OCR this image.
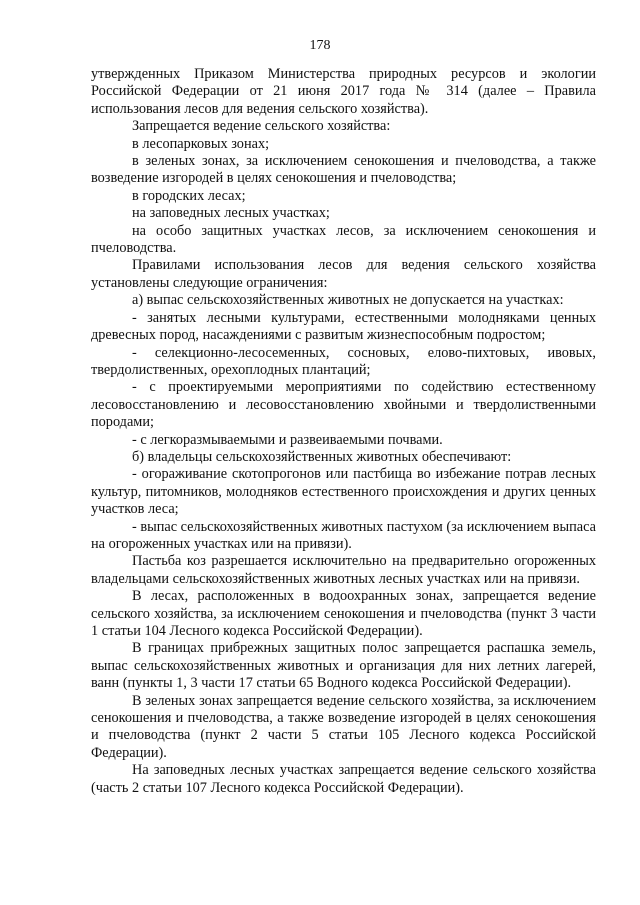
178

утвержденных Приказом Министерства природных ресурсов и экологии Российской Федерации от 21 июня 2017 года № 314 (далее – Правила использования лесов для ведения сельского хозяйства).

Запрещается ведение сельского хозяйства:

в лесопарковых зонах;

в зеленых зонах, за исключением сенокошения и пчеловодства, а также возведение изгородей в целях сенокошения и пчеловодства;

в городских лесах;

на заповедных лесных участках;

на особо защитных участках лесов, за исключением сенокошения и пчеловодства.

Правилами использования лесов для ведения сельского хозяйства установлены следующие ограничения:

а) выпас сельскохозяйственных животных не допускается на участках:

- занятых лесными культурами, естественными молодняками ценных древесных пород, насаждениями с развитым жизнеспособным подростом;

- селекционно-лесосеменных, сосновых, елово-пихтовых, ивовых, твердолиственных, орехоплодных плантаций;

- с проектируемыми мероприятиями по содействию естественному лесовосстановлению и лесовосстановлению хвойными и твердолиственными породами;

- с легкоразмываемыми и развеиваемыми почвами.

б) владельцы сельскохозяйственных животных обеспечивают:

- огораживание скотопрогонов или пастбища во избежание потрав лесных культур, питомников, молодняков естественного происхождения и других ценных участков леса;

- выпас сельскохозяйственных животных пастухом (за исключением выпаса на огороженных участках или на привязи).

Пастьба коз разрешается исключительно на предварительно огороженных владельцами сельскохозяйственных животных лесных участках или на привязи.

В лесах, расположенных в водоохранных зонах, запрещается ведение сельского хозяйства, за исключением сенокошения и пчеловодства (пункт 3 части 1 статьи 104 Лесного кодекса Российской Федерации).

В границах прибрежных защитных полос запрещается распашка земель, выпас сельскохозяйственных животных и организация для них летних лагерей, ванн (пункты 1, 3 части 17 статьи 65 Водного кодекса Российской Федерации).

В зеленых зонах запрещается ведение сельского хозяйства, за исключением сенокошения и пчеловодства, а также возведение изгородей в целях сенокошения и пчеловодства (пункт 2 части 5 статьи 105 Лесного кодекса Российской Федерации).

На заповедных лесных участках запрещается ведение сельского хозяйства (часть 2 статьи 107 Лесного кодекса Российской Федерации).
